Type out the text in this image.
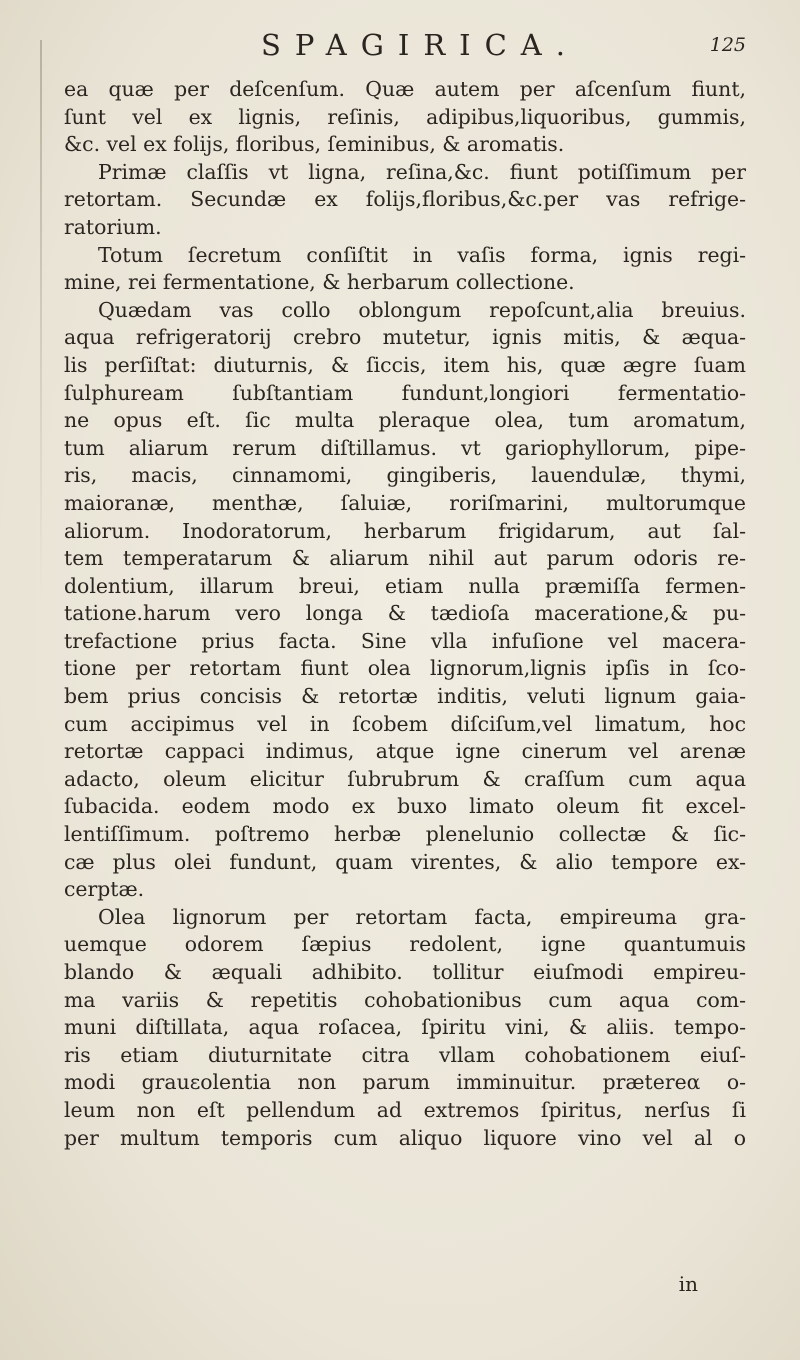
SPAGIRICA.	125
ea quæ per deſcenſum. Quæ autem per aſcenſum fiunt,
ſunt vel ex lignis, reſinis, adipibus,liquoribus, gummis,
&c. vel ex folijs, floribus, ſeminibus, & aromatis.
Primæ claſſis vt ligna, reſina,&c. fiunt potiſſimum per
retortam. Secundæ ex folijs,floribus,&c.per vas refrige-
ratorium.
Totum ſecretum conſiſtit in vaſis forma, ignis regi-
mine, rei fermentatione, & herbarum collectione.
Quædam vas collo oblongum repoſcunt,alia breuius.
aqua refrigeratorij crebro mutetur, ignis mitis, & æqua-
lis perſiſtat: diuturnis, & ſiccis, item his, quæ ægre ſuam
ſulphuream ſubſtantiam fundunt,longiori fermentatio-
ne opus eſt. ſic multa pleraque olea, tum aromatum,
tum aliarum rerum diſtillamus. vt gariophyllorum, pipe-
ris, macis, cinnamomi, gingiberis, lauendulæ, thymi,
maioranæ, menthæ, ſaluiæ, roriſmarini, multorumque
aliorum. Inodoratorum, herbarum frigidarum, aut ſal-
tem temperatarum & aliarum nihil aut parum odoris re-
dolentium, illarum breui, etiam nulla præmiſſa fermen-
tatione.harum vero longa & tædioſa maceratione,& pu-
trefactione prius facta. Sine vlla infuſione vel macera-
tione per retortam fiunt olea lignorum,lignis ipſis in ſco-
bem prius concisis & retortæ inditis, veluti lignum gaia-
cum accipimus vel in ſcobem diſciſum,vel limatum, hoc
retortæ cappaci indimus, atque igne cinerum vel arenæ
adacto, oleum elicitur ſubrubrum & craſſum cum aqua
ſubacida. eodem modo ex buxo limato oleum fit excel-
lentiſſimum. poſtremo herbæ plenelunio collectæ & ſic-
cæ plus olei fundunt, quam virentes, & alio tempore ex-
cerptæ.
Olea lignorum per retortam facta, empireuma gra-
uemque odorem ſæpius redolent, igne quantumuis
blando & æquali adhibito. tollitur eiuſmodi empireu-
ma variis & repetitis cohobationibus cum aqua com-
muni diſtillata, aqua roſacea, ſpiritu vini, & aliis. tempo-
ris etiam diuturnitate citra vllam cohobationem eiuſ-
modi grauεolentia non parum imminuitur. prætereα o-
leum non eſt pellendum ad extremos ſpiritus, nerſus ſi
per multum temporis cum aliquo liquore vino vel al o
in
